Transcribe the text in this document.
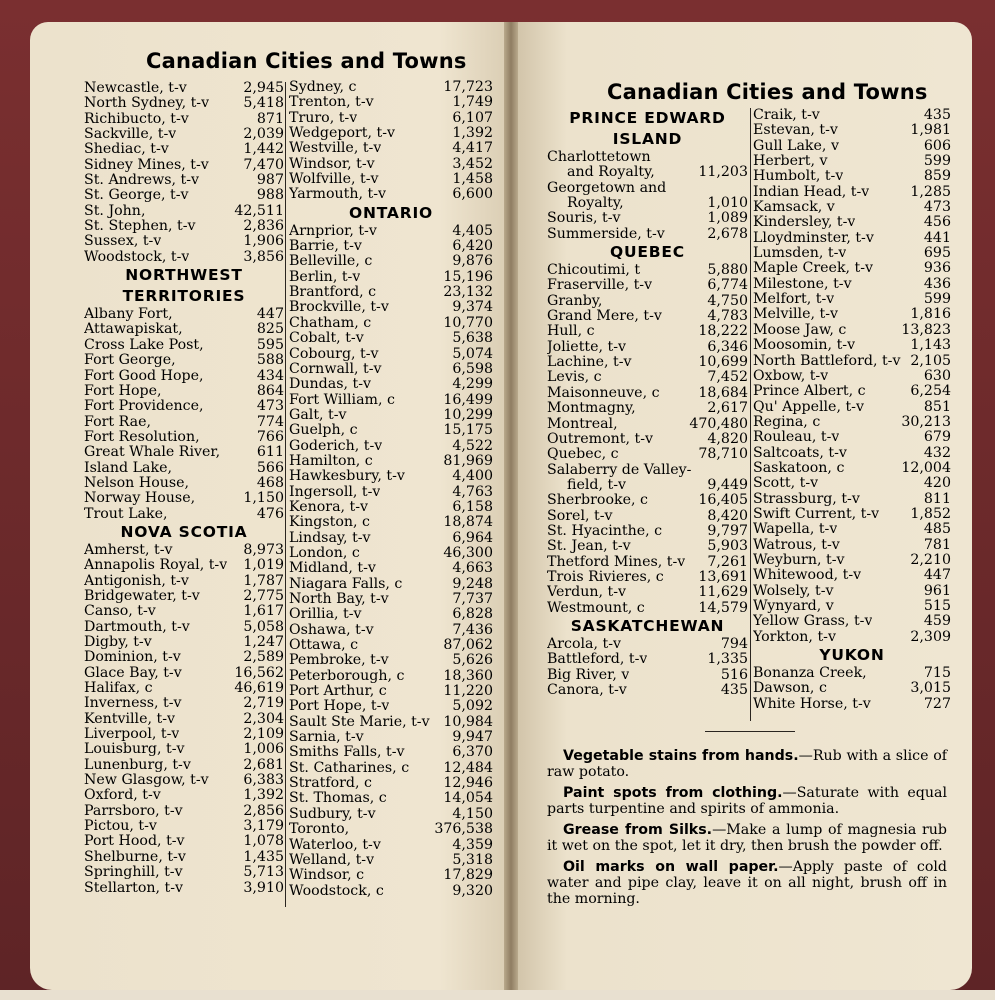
Canadian Cities and Towns
Canadian Cities and Towns
Newcastle, t-v	2,945
North Sydney, t-v 5,418
Richibucto, t-v	871
Sackville, t-v	2,039
Shediac, t-v	1,442
Sidney Mines, t-v 7,470
St. Andrews, t-v	987
St. George, t-v	988
St. John,	42,511
St. Stephen, t-v	2,836
Sussex, t-v	1,906
Woodstock, t-v	3,856
NORTHWEST
TERRITORIES
Albany Fort,	447
Attawapiskat,	825
Cross Lake Post,	595
Fort George,	588
Fort Good Hope,	434
Fort Hope,	864
Fort Providence,	473
Fort Rae,	774
Fort Resolution,	766
Great Whale River,	611
Island Lake,	566
Nelson House,	468
Norway House,	1,150
Trout Lake,	476
NOVA SCOTIA
Amherst, t-v	8,973
Annapolis Royal, t-v 1,019
Antigonish, t-v	1,787
Bridgewater, t-v	2,775
Canso, t-v	1,617
Dartmouth, t-v	5,058
Digby, t-v	1,247
Dominion, t-v	2,589
Glace Bay, t-v	16,562
Halifax, c	46,619
Inverness, t-v	2,719
Kentville, t-v	2,304
Liverpool, t-v	2,109
Louisburg, t-v	1,006
Lunenburg, t-v	2,681
New Glasgow, t-v 6,383
Oxford, t-v	1,392
Parrsboro, t-v	2,856
Pictou, t-v	3,179
Port Hood, t-v	1,078
Shelburne, t-v	1,435
Springhill, t-v	5,713
Stellarton, t-v	3,910
Sydney, c	17,723
Trenton, t-v	1,749
Truro, t-v	6,107
Wedgeport, t-v	1,392
Westville, t-v	4,417
Windsor, t-v	3,452
Wolfville, t-v	1,458
Yarmouth, t-v	6,600
ONTARIO
Arnprior, t-v	4,405
Barrie, t-v	6,420
Belleville, c	9,876
Berlin, t-v	15,196
Brantford, c	23,132
Brockville, t-v	9,374
Chatham, c	10,770
Cobalt, t-v	5,638
Cobourg, t-v	5,074
Cornwall, t-v	6,598
Dundas, t-v	4,299
Fort William, c	16,499
Galt, t-v	10,299
Guelph, c	15,175
Goderich, t-v	4,522
Hamilton, c	81,969
Hawkesbury, t-v	4,400
Ingersoll, t-v	4,763
Kenora, t-v	6,158
Kingston, c	18,874
Lindsay, t-v	6,964
London, c	46,300
Midland, t-v	4,663
Niagara Falls, c	9,248
North Bay, t-v	7,737
Orillia, t-v	6,828
Oshawa, t-v	7,436
Ottawa, c	87,062
Pembroke, t-v	5,626
Peterborough, c	18,360
Port Arthur, c	11,220
Port Hope, t-v	5,092
Sault Ste Marie, t-v 10,984
Sarnia, t-v	9,947
Smiths Falls, t-v	6,370
St. Catharines, c 12,484
Stratford, c	12,946
St. Thomas, c	14,054
Sudbury, t-v	4,150
Toronto,	376,538
Waterloo, t-v	4,359
Welland, t-v	5,318
Windsor, c	17,829
Woodstock, c	9,320
PRINCE EDWARD
ISLAND
Charlottetown
and Royalty,	11,203
Georgetown and
Royalty,	1,010
Souris, t-v	1,089
Summerside, t-v	2,678
QUEBEC
Chicoutimi, t	5,880
Fraserville, t-v	6,774
Granby,	4,750
Grand Mere, t-v	4,783
Hull, c	18,222
Joliette, t-v	6,346
Lachine, t-v	10,699
Levis, c	7,452
Maisonneuve, c	18,684
Montmagny,	2,617
Montreal,	470,480
Outremont, t-v	4,820
Quebec, c	78,710
Salaberry de Valley-
field, t-v	9,449
Sherbrooke, c	16,405
Sorel, t-v	8,420
St. Hyacinthe, c	9,797
St. Jean, t-v	5,903
Thetford Mines, t-v 7,261
Trois Rivieres, c 13,691
Verdun, t-v	11,629
Westmount, c	14,579
SASKATCHEWAN
Arcola, t-v	794
Battleford, t-v	1,335
Big River, v	516
Canora, t-v	435
Craik, t-v	435
Estevan, t-v	1,981
Gull Lake, v	606
Herbert, v	599
Humbolt, t-v	859
Indian Head, t-v	1,285
Kamsack, v	473
Kindersley, t-v	456
Lloydminster, t-v	441
Lumsden, t-v	695
Maple Creek, t-v	936
Milestone, t-v	436
Melfort, t-v	599
Melville, t-v	1,816
Moose Jaw, c	13,823
Moosomin, t-v	1,143
North Battleford, t-v 2,105
Oxbow, t-v	630
Prince Albert, c	6,254
Qu' Appelle, t-v	851
Regina, c	30,213
Rouleau, t-v	679
Saltcoats, t-v	432
Saskatoon, c	12,004
Scott, t-v	420
Strassburg, t-v	811
Swift Current, t-v 1,852
Wapella, t-v	485
Watrous, t-v	781
Weyburn, t-v	2,210
Whitewood, t-v	447
Wolsely, t-v	961
Wynyard, v	515
Yellow Grass, t-v	459
Yorkton, t-v	2,309
YUKON
Bonanza Creek,	715
Dawson, c	3,015
White Horse, t-v	727

Vegetable stains from hands.—Rub with a slice of raw potato.

Paint spots from clothing.—Saturate with equal parts turpentine and spirits of ammonia.

Grease from Silks.—Make a lump of magnesia rub it wet on the spot, let it dry, then brush the powder off.

Oil marks on wall paper.—Apply paste of cold water and pipe clay, leave it on all night, brush off in the morning.
